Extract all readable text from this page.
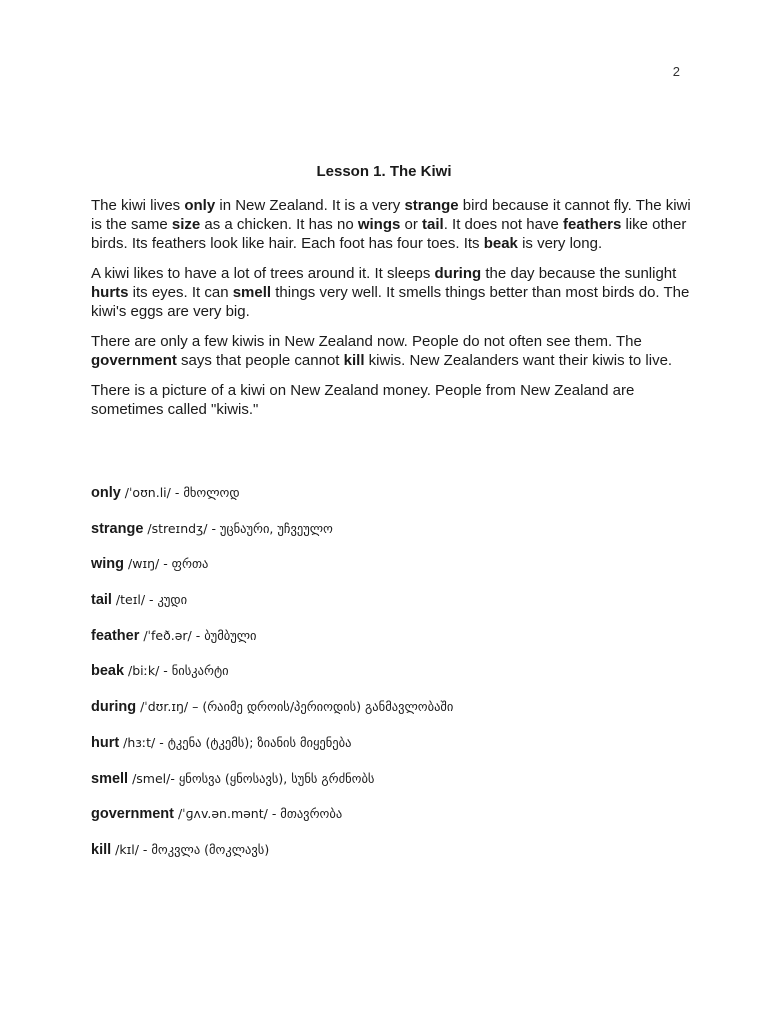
2
Lesson 1. The Kiwi

The kiwi lives only in New Zealand. It is a very strange bird because it cannot fly. The kiwi is the same size as a chicken. It has no wings or tail. It does not have feathers like other birds. Its feathers look like hair. Each foot has four toes. Its beak is very long.

A kiwi likes to have a lot of trees around it. It sleeps during the day because the sunlight hurts its eyes. It can smell things very well. It smells things better than most birds do. The kiwi's eggs are very big.

There are only a few kiwis in New Zealand now. People do not often see them. The government says that people cannot kill kiwis. New Zealanders want their kiwis to live.

There is a picture of a kiwi on New Zealand money. People from New Zealand are sometimes called "kiwis."

only /ˈoʊn.li/ - მხოლოდ
strange /streɪndʒ/ - უცნაური, უჩვეულო
wing /wɪŋ/ - ფრთა
tail /teɪl/ - კუდი
feather /ˈfeð.ər/ - ბუმბული
beak /biːk/ - ნისკარტი
during /ˈdʊr.ɪŋ/ – (რაიმე დროის/პერიოდის) განმავლობაში
hurt /hɜːt/ - ტკენა (ტკემს); ზიანის მიყენება
smell /smel/- ყნოსვა (ყნოსავს), სუნს გრძნობს
government /ˈɡʌv.ən.mənt/ - მთავრობა
kill /kɪl/ - მოკვლა (მოკლავს)
